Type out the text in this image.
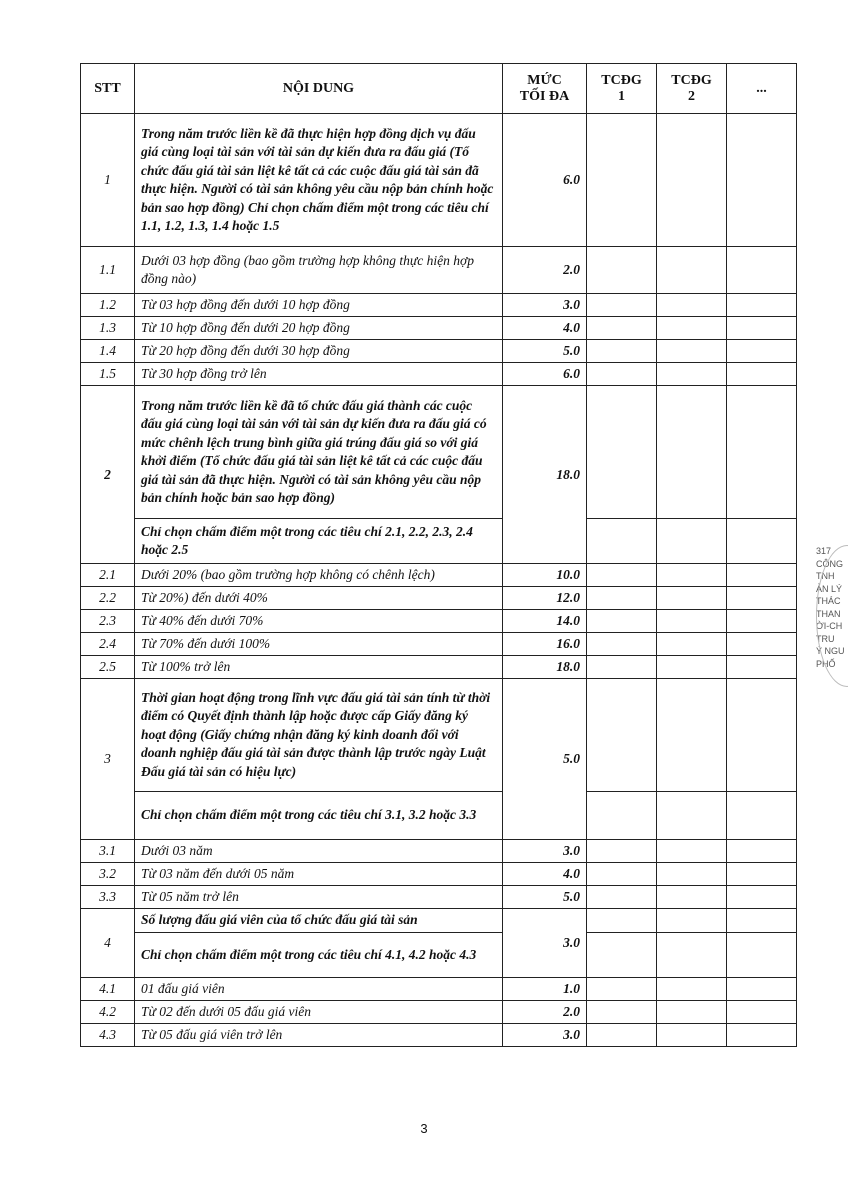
STT	NỘI DUNG	MỨC TỐI ĐA	TCĐG 1	TCĐG 2	...
1	Trong năm trước liền kề đã thực hiện hợp đồng dịch vụ đấu giá cùng loại tài sản với tài sản dự kiến đưa ra đấu giá (Tổ chức đấu giá tài sản liệt kê tất cả các cuộc đấu giá tài sản đã thực hiện. Người có tài sản không yêu cầu nộp bản chính hoặc bản sao hợp đồng) Chỉ chọn chấm điểm một trong các tiêu chí 1.1, 1.2, 1.3, 1.4 hoặc 1.5	6.0			
1.1	Dưới 03 hợp đồng (bao gồm trường hợp không thực hiện hợp đồng nào)	2.0			
1.2	Từ 03 hợp đồng đến dưới 10 hợp đồng	3.0			
1.3	Từ 10 hợp đồng đến dưới 20 hợp đồng	4.0			
1.4	Từ 20 hợp đồng đến dưới 30 hợp đồng	5.0			
1.5	Từ 30 hợp đồng trở lên	6.0			
2	Trong năm trước liền kề đã tổ chức đấu giá thành các cuộc đấu giá cùng loại tài sản với tài sản dự kiến đưa ra đấu giá có mức chênh lệch trung bình giữa giá trúng đấu giá so với giá khởi điểm (Tổ chức đấu giá tài sản liệt kê tất cả các cuộc đấu giá tài sản đã thực hiện. Người có tài sản không yêu cầu nộp bản chính hoặc bản sao hợp đồng)	18.0			
	Chỉ chọn chấm điểm một trong các tiêu chí 2.1, 2.2, 2.3, 2.4 hoặc 2.5				
2.1	Dưới 20% (bao gồm trường hợp không có chênh lệch)	10.0			
2.2	Từ 20%) đến dưới 40%	12.0			
2.3	Từ 40% đến dưới 70%	14.0			
2.4	Từ 70% đến dưới 100%	16.0			
2.5	Từ 100% trở lên	18.0			
3	Thời gian hoạt động trong lĩnh vực đấu giá tài sản tính từ thời điểm có Quyết định thành lập hoặc được cấp Giấy đăng ký hoạt động (Giấy chứng nhận đăng ký kinh doanh đối với doanh nghiệp đấu giá tài sản được thành lập trước ngày Luật Đấu giá tài sản có hiệu lực)	5.0			
	Chỉ chọn chấm điểm một trong các tiêu chí 3.1, 3.2 hoặc 3.3				
3.1	Dưới 03 năm	3.0			
3.2	Từ 03 năm đến dưới 05 năm	4.0			
3.3	Từ 05 năm trở lên	5.0			
4	Số lượng đấu giá viên của tổ chức đấu giá tài sản	3.0			
	Chỉ chọn chấm điểm một trong các tiêu chí 4.1, 4.2 hoặc 4.3				
4.1	01 đấu giá viên	1.0			
4.2	Từ 02 đến dưới 05 đấu giá viên	2.0			
4.3	Từ 05 đấu giá viên trở lên	3.0			
3
317
CÔNG
TNH
ẢN LÝ
THÁC
THAN
ỜI-CH
TRU
Ý NGU
PHỐ
